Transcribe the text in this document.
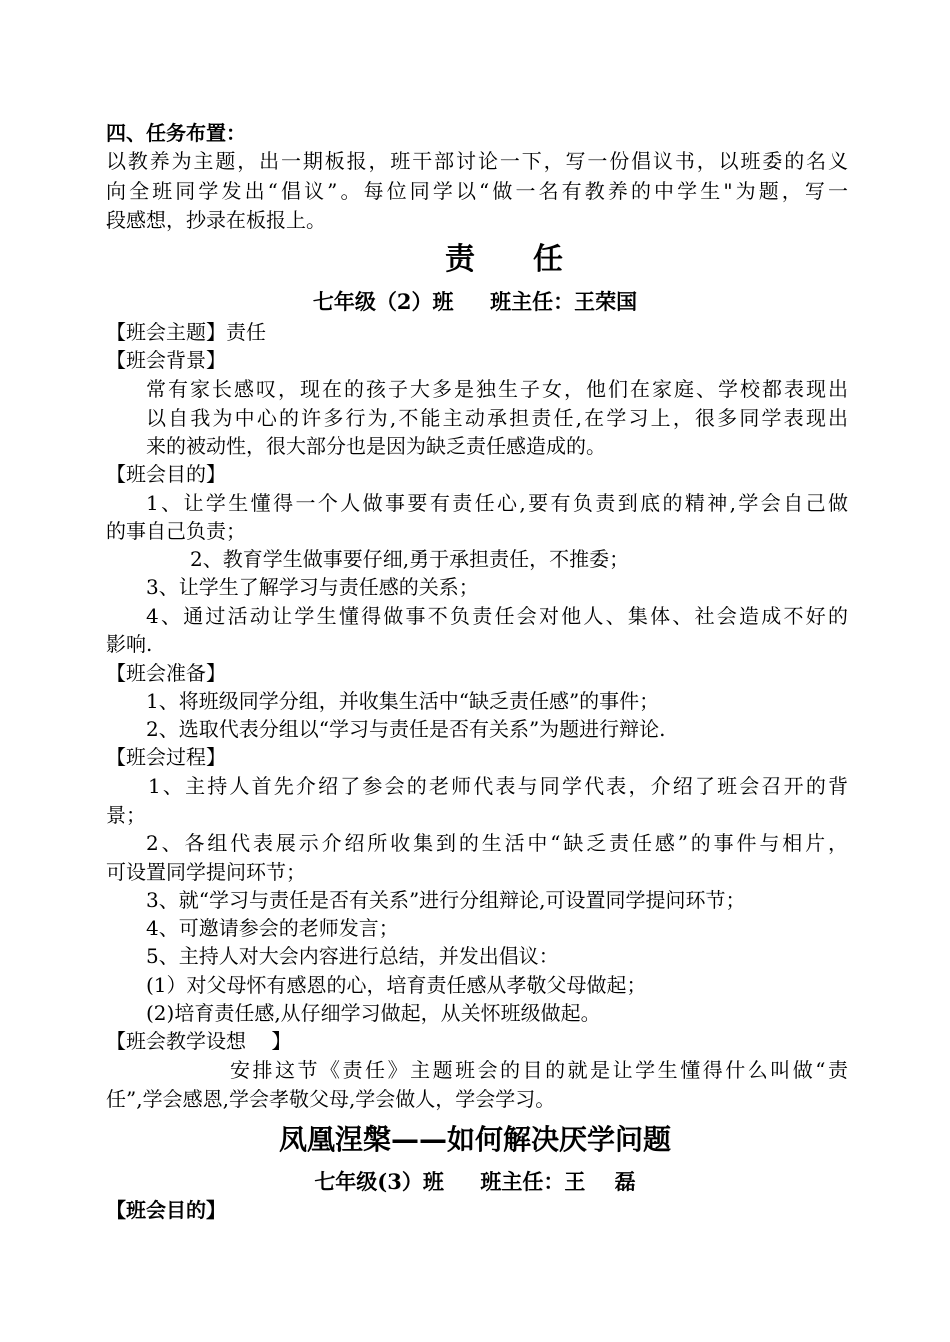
四、任务布置：
以教养为主题，出一期板报，班干部讨论一下，写一份倡议书，以班委的名义
向全班同学发出“倡议”。每位同学以“做一名有教养的中学生"为题，写一
段感想，抄录在板报上。
责任
七年级（2）班     班主任：王荣国
【班会主题】责任
【班会背景】
常有家长感叹，现在的孩子大多是独生子女，他们在家庭、学校都表现出
以自我为中心的许多行为,不能主动承担责任,在学习上，很多同学表现出
来的被动性，很大部分也是因为缺乏责任感造成的。
【班会目的】
1、让学生懂得一个人做事要有责任心,要有负责到底的精神,学会自己做
的事自己负责；
2、教育学生做事要仔细,勇于承担责任，不推委；
3、让学生了解学习与责任感的关系；
4、通过活动让学生懂得做事不负责任会对他人、集体、社会造成不好的
影响.
【班会准备】
1、将班级同学分组，并收集生活中“缺乏责任感”的事件；
2、选取代表分组以“学习与责任是否有关系”为题进行辩论.
【班会过程】
1、主持人首先介绍了参会的老师代表与同学代表，介绍了班会召开的背
景；
2、各组代表展示介绍所收集到的生活中“缺乏责任感”的事件与相片，
可设置同学提问环节；
3、就“学习与责任是否有关系”进行分组辩论,可设置同学提问环节；
4、可邀请参会的老师发言；
5、主持人对大会内容进行总结，并发出倡议：
(1）对父母怀有感恩的心，培育责任感从孝敬父母做起；
(2)培育责任感,从仔细学习做起，从关怀班级做起。
【班会教学设想    】
安排这节《责任》主题班会的目的就是让学生懂得什么叫做“责
任”,学会感恩,学会孝敬父母,学会做人，学会学习。
凤凰涅槃——如何解决厌学问题
七年级(3）班     班主任：王    磊
【班会目的】
